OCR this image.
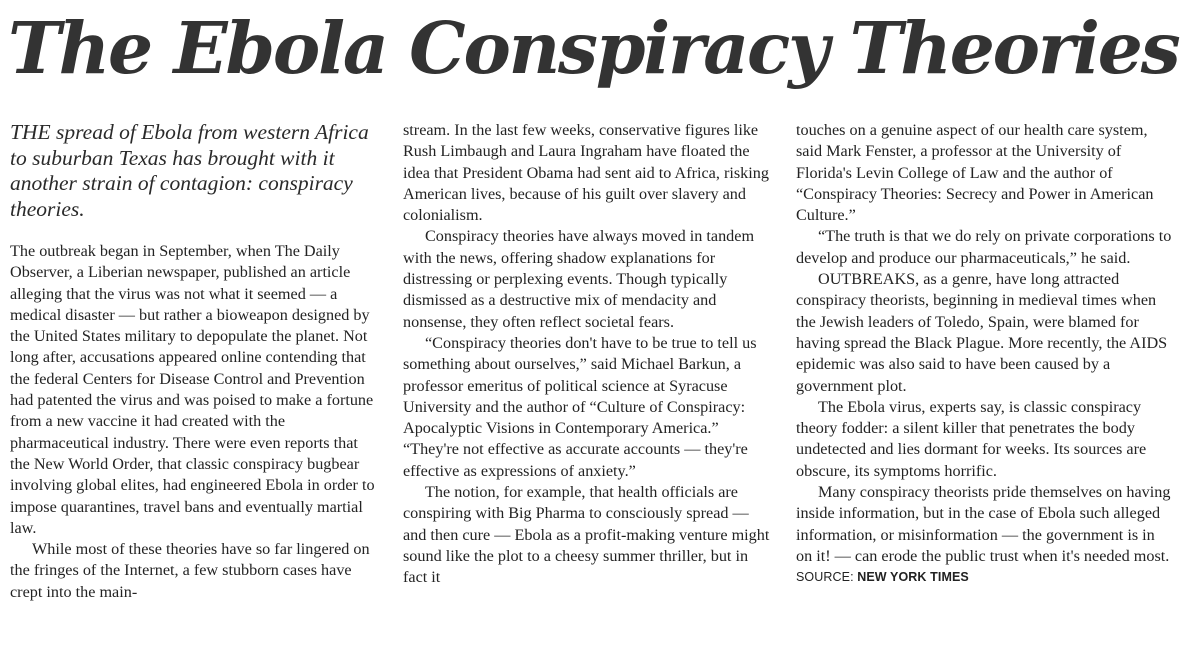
The Ebola Conspiracy Theories

THE spread of Ebola from western Africa to suburban Texas has brought with it another strain of contagion: conspiracy theories.

The outbreak began in September, when The Daily Observer, a Liberian newspaper, published an article alleging that the virus was not what it seemed — a medical disaster — but rather a bioweapon designed by the United States military to depopulate the planet. Not long after, accusations appeared online contending that the federal Centers for Disease Control and Prevention had patented the virus and was poised to make a fortune from a new vaccine it had created with the pharmaceutical industry. There were even reports that the New World Order, that classic conspiracy bugbear involving global elites, had engineered Ebola in order to impose quarantines, travel bans and eventually martial law.

While most of these theories have so far lingered on the fringes of the Internet, a few stubborn cases have crept into the main-

stream. In the last few weeks, conservative figures like Rush Limbaugh and Laura Ingraham have floated the idea that President Obama had sent aid to Africa, risking American lives, because of his guilt over slavery and colonialism.

Conspiracy theories have always moved in tandem with the news, offering shadow explanations for distressing or perplexing events. Though typically dismissed as a destructive mix of mendacity and nonsense, they often reflect societal fears.

“Conspiracy theories don't have to be true to tell us something about ourselves,” said Michael Barkun, a professor emeritus of political science at Syracuse University and the author of “Culture of Conspiracy: Apocalyptic Visions in Contemporary America.” “They're not effective as accurate accounts — they're effective as expressions of anxiety.”

The notion, for example, that health officials are conspiring with Big Pharma to consciously spread — and then cure — Ebola as a profit-making venture might sound like the plot to a cheesy summer thriller, but in fact it

touches on a genuine aspect of our health care system, said Mark Fenster, a professor at the University of Florida's Levin College of Law and the author of “Conspiracy Theories: Secrecy and Power in American Culture.”

“The truth is that we do rely on private corporations to develop and produce our pharmaceuticals,” he said.

OUTBREAKS, as a genre, have long attracted conspiracy theorists, beginning in medieval times when the Jewish leaders of Toledo, Spain, were blamed for having spread the Black Plague. More recently, the AIDS epidemic was also said to have been caused by a government plot.

The Ebola virus, experts say, is classic conspiracy theory fodder: a silent killer that penetrates the body undetected and lies dormant for weeks. Its sources are obscure, its symptoms horrific.

Many conspiracy theorists pride themselves on having inside information, but in the case of Ebola such alleged information, or misinformation — the government is in on it! — can erode the public trust when it's needed most.

SOURCE: NEW YORK TIMES
